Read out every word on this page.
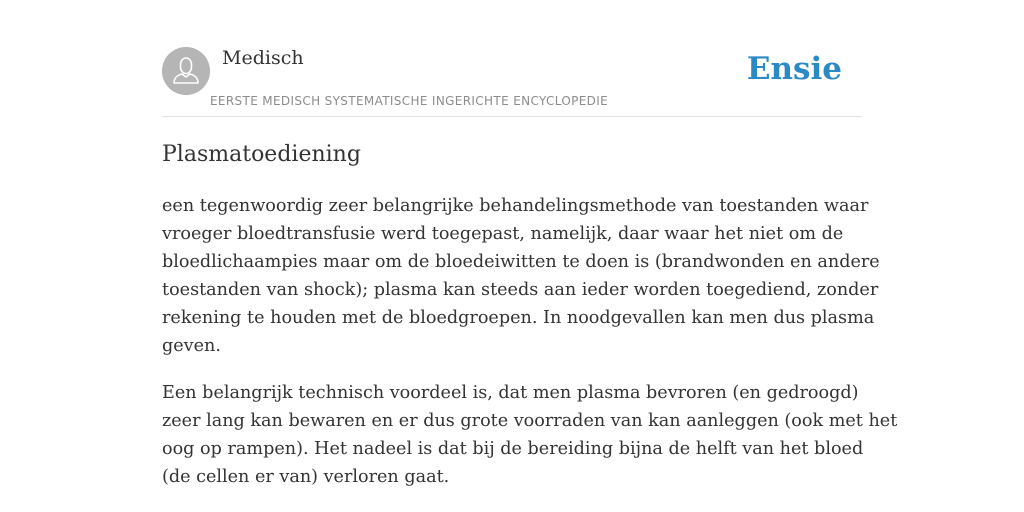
Medisch
EERSTE MEDISCH SYSTEMATISCHE INGERICHTE ENCYCLOPEDIE
Ensie
Plasmatoediening

een tegenwoordig zeer belangrijke behandelingsmethode van toestanden waar
vroeger bloedtransfusie werd toegepast, namelijk, daar waar het niet om de
bloedlichaampies maar om de bloedeiwitten te doen is (brandwonden en andere
toestanden van shock); plasma kan steeds aan ieder worden toegediend, zonder
rekening te houden met de bloedgroepen. In noodgevallen kan men dus plasma
geven.

Een belangrijk technisch voordeel is, dat men plasma bevroren (en gedroogd)
zeer lang kan bewaren en er dus grote voorraden van kan aanleggen (ook met het
oog op rampen). Het nadeel is dat bij de bereiding bijna de helft van het bloed
(de cellen er van) verloren gaat.
